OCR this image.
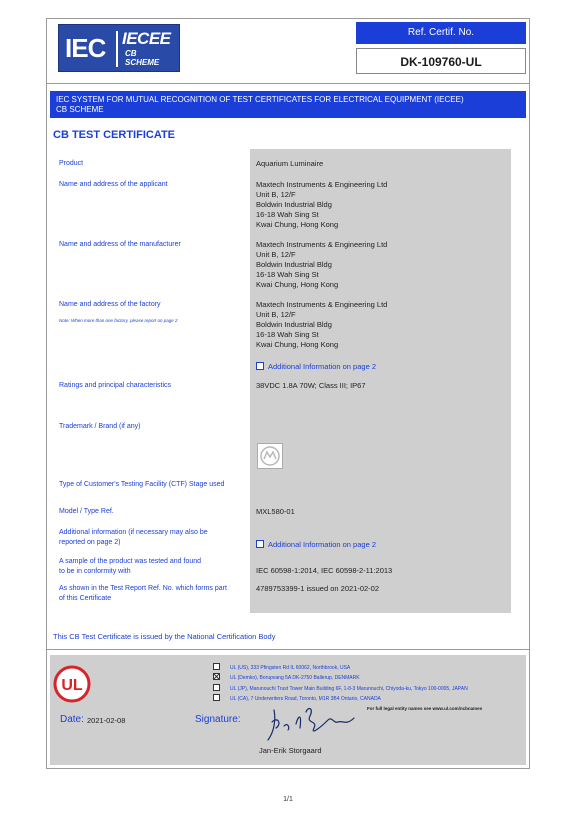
IEC IECEE
CB
SCHEME
Ref. Certif. No.
DK-109760-UL
IEC SYSTEM FOR MUTUAL RECOGNITION OF TEST CERTIFICATES FOR ELECTRICAL EQUIPMENT (IECEE)
CB SCHEME
CB TEST CERTIFICATE
Product
Name and address of the applicant
Name and address of the manufacturer
Name and address of the factory
Note: When more than one factory, please report on page 2
Ratings and principal characteristics
Trademark / Brand (if any)
Type of Customer's Testing Facility (CTF) Stage used
Model / Type Ref.
Additional information (if necessary may also be
reported on page 2)
A sample of the product was tested and found
to be in conformity with
As shown in the Test Report Ref. No. which forms part
of this Certificate
Aquarium Luminaire
Maxtech Instruments & Engineering Ltd
Unit B, 12/F
Boldwin Industrial Bldg
16-18 Wah Sing St
Kwai Chung, Hong Kong
Maxtech Instruments & Engineering Ltd
Unit B, 12/F
Boldwin Industrial Bldg
16-18 Wah Sing St
Kwai Chung, Hong Kong
Maxtech Instruments & Engineering Ltd
Unit B, 12/F
Boldwin Industrial Bldg
16-18 Wah Sing St
Kwai Chung, Hong Kong
Additional Information on page 2
38VDC 1.8A 70W; Class III; IP67
MXL580-01
Additional Information on page 2
IEC 60598-1:2014, IEC 60598-2-11:2013
4789753399-1 issued on 2021-02-02
This CB Test Certificate is issued by the National Certification Body
UL
UL (US), 333 Pfingsten Rd IL 60062, Northbrook, USA
UL (Demko), Borupvang 5A DK-2750 Ballerup, DENMARK
UL (JP), Marunouchi Trust Tower Main Building 6F, 1-8-3 Marunouchi, Chiyoda-ku, Tokyo 100-0005, JAPAN
UL (CA), 7 Underwriters Road, Toronto, M1R 3B4 Ontario, CANADA
For full legal entity names see www.ul.com/ncbnames
Date: 2021-02-08	Signature:
Jan-Erik Storgaard
1/1
